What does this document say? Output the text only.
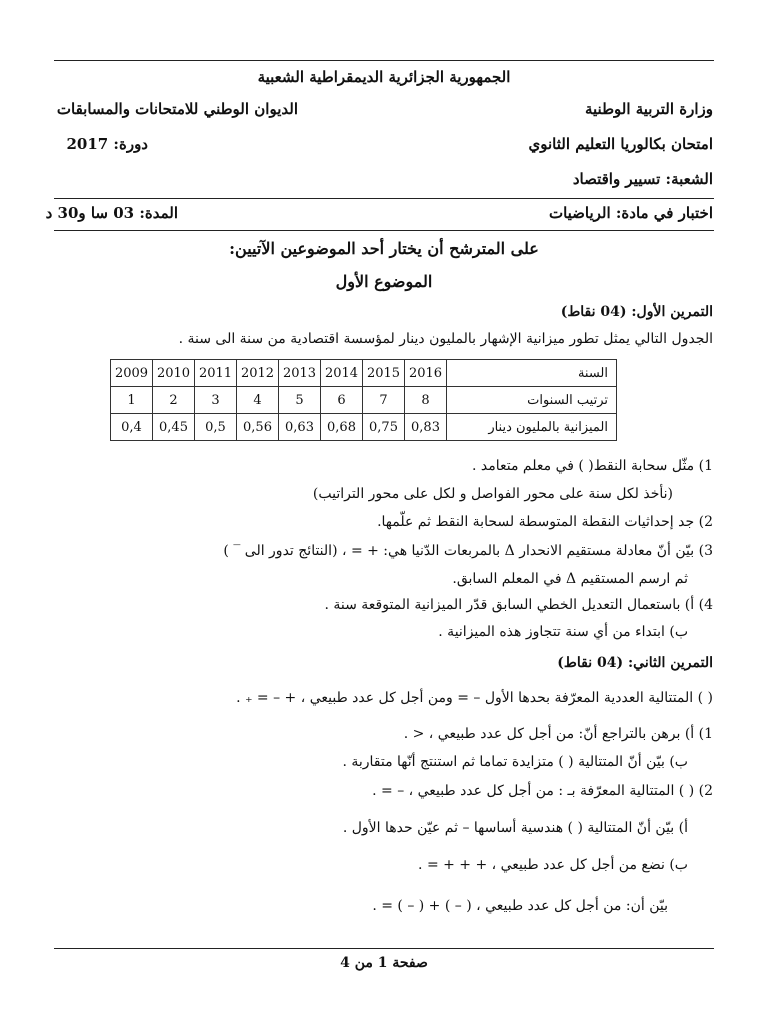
الجمهورية الجزائرية الديمقراطية الشعبية
وزارة التربية الوطنية
الديوان الوطني للامتحانات والمسابقات
امتحان بكالوريا التعليم الثانوي
دورة: 2017
الشعبة: تسيير واقتصاد
اختبار في مادة: الرياضيات
المدة: 03 سا و30 د
على المترشح أن يختار أحد الموضوعين الآتيين:
الموضوع الأول
التمرين الأول: (04 نقاط)
الجدول التالي يمثل تطور ميزانية الإشهار بالمليون دينار لمؤسسة اقتصادية من سنة الى سنة .
2009	2010	2011	2012	2013	2014	2015	2016	السنة
1	2	3	4	5	6	7	8	ترتيب السنوات
0,4	0,45	0,5	0,56	0,63	0,68	0,75	0,83	الميزانية بالمليون دينار
1) مثّل سحابة النقط( ) في معلم متعامد .
(نأخذ لكل سنة على محور الفواصل و لكل على محور التراتيب)
2) جد إحداثيات النقطة المتوسطة لسحابة النقط ثم علّمها.
3) بيّن أنّ معادلة مستقيم الانحدار Δ بالمربعات الدّنيا هي: + = ، (النتائج تدور الى ‾ )
ثم ارسم المستقيم Δ في المعلم السابق.
4) أ) باستعمال التعديل الخطي السابق قدّر الميزانية المتوقعة سنة .
ب) ابتداء من أي سنة تتجاوز هذه الميزانية .
التمرين الثاني: (04 نقاط)
( ) المتتالية العددية المعرّفة بحدها الأول – = ومن أجل كل عدد طبيعي ، + – = ₊ .
1) أ) برهن بالتراجع أنّ: من أجل كل عدد طبيعي ، < .
ب) بيّن أنّ المتتالية ( ) متزايدة تماما ثم استنتج أنّها متقاربة .
2) ( ) المتتالية المعرّفة بـ : من أجل كل عدد طبيعي ، – = .
أ) بيّن أنّ المتتالية ( ) هندسية أساسها – ثم عيّن حدها الأول .
ب) نضع من أجل كل عدد طبيعي ، + + + = .
بيّن أن: من أجل كل عدد طبيعي ، ( – ) + ( – ) = .
صفحة 1 من 4
